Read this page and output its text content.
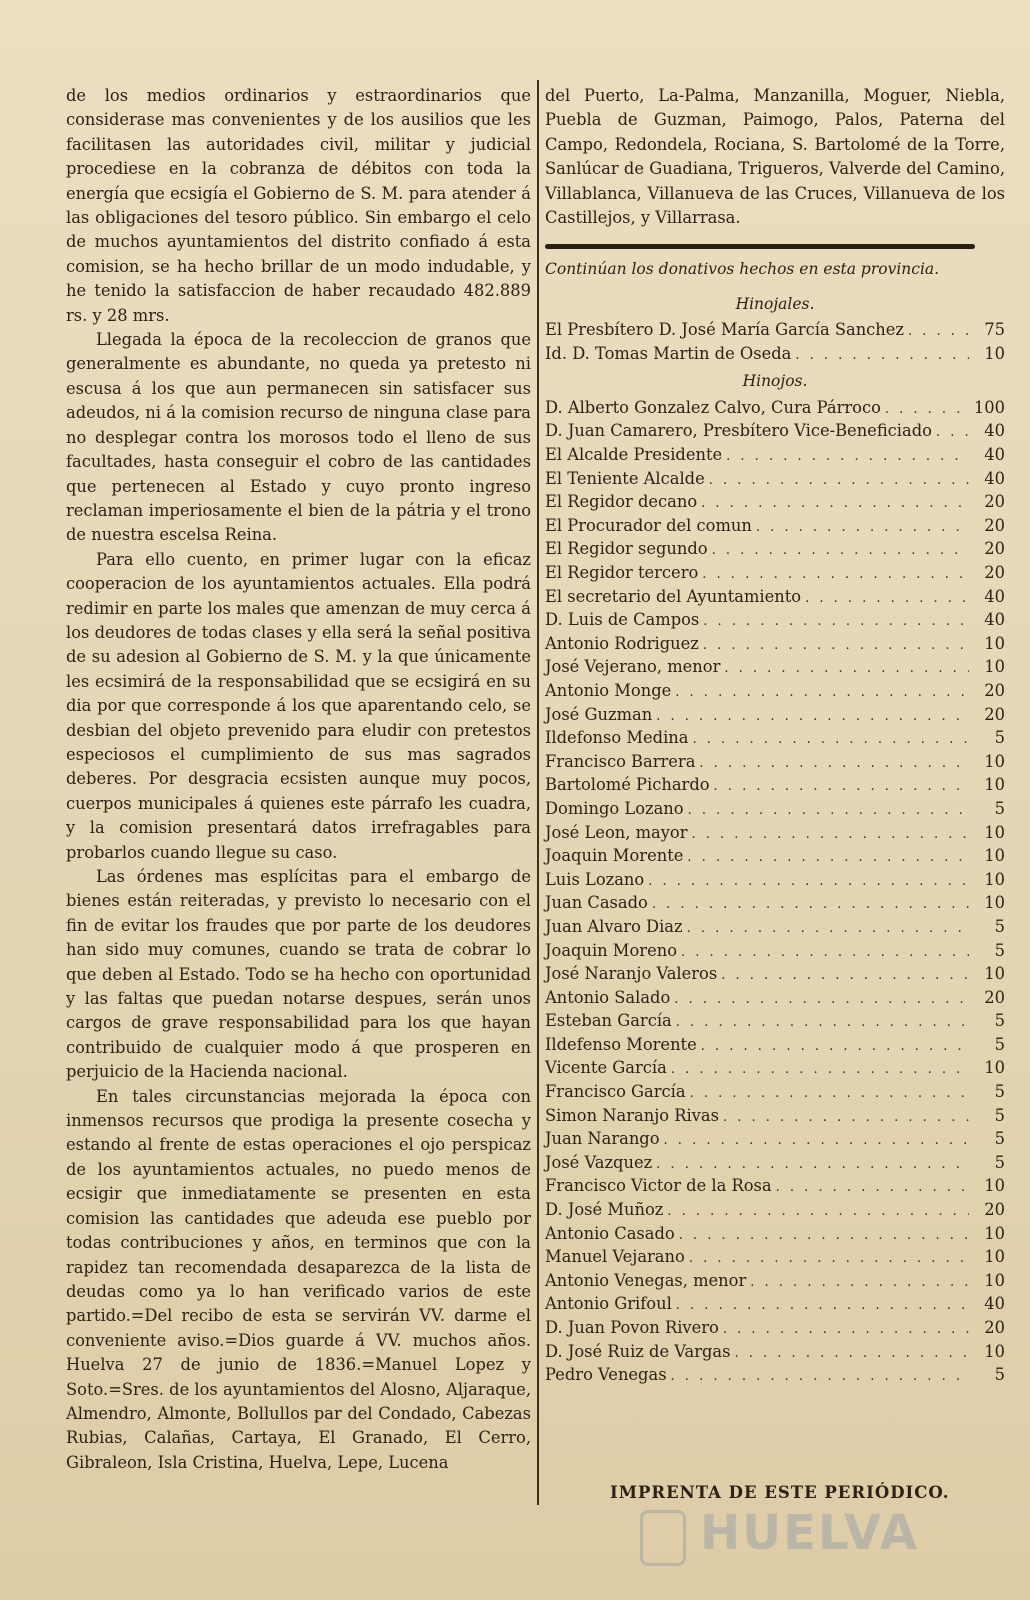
de los medios ordinarios y estraordinarios que considerase mas convenientes y de los ausilios que les facilitasen las autoridades civil, militar y judicial procediese en la cobranza de débitos con toda la energía que ecsigía el Gobierno de S. M. para atender á las obligaciones del tesoro público. Sin embargo el celo de muchos ayuntamientos del distrito confiado á esta comision, se ha hecho brillar de un modo indudable, y he tenido la satisfaccion de haber recaudado 482.889 rs. y 28 mrs.

Llegada la época de la recoleccion de granos que generalmente es abundante, no queda ya pretesto ni escusa á los que aun permanecen sin satisfacer sus adeudos, ni á la comision recurso de ninguna clase para no desplegar contra los morosos todo el lleno de sus facultades, hasta conseguir el cobro de las cantidades que pertenecen al Estado y cuyo pronto ingreso reclaman imperiosamente el bien de la pátria y el trono de nuestra escelsa Reina.

Para ello cuento, en primer lugar con la eficaz cooperacion de los ayuntamientos actuales. Ella podrá redimir en parte los males que amenzan de muy cerca á los deudores de todas clases y ella será la señal positiva de su adesion al Gobierno de S. M. y la que únicamente les ecsimirá de la responsabilidad que se ecsigirá en su dia por que corresponde á los que aparentando celo, se desbian del objeto prevenido para eludir con pretestos especiosos el cumplimiento de sus mas sagrados deberes. Por desgracia ecsisten aunque muy pocos, cuerpos municipales á quienes este párrafo les cuadra, y la comision presentará datos irrefragables para probarlos cuando llegue su caso.

Las órdenes mas esplícitas para el embargo de bienes están reiteradas, y previsto lo necesario con el fin de evitar los fraudes que por parte de los deudores han sido muy comunes, cuando se trata de cobrar lo que deben al Estado. Todo se ha hecho con oportunidad y las faltas que puedan notarse despues, serán unos cargos de grave responsabilidad para los que hayan contribuido de cualquier modo á que prosperen en perjuicio de la Hacienda nacional.

En tales circunstancias mejorada la época con inmensos recursos que prodiga la presente cosecha y estando al frente de estas operaciones el ojo perspicaz de los ayuntamientos actuales, no puedo menos de ecsigir que inmediatamente se presenten en esta comision las cantidades que adeuda ese pueblo por todas contribuciones y años, en terminos que con la rapidez tan recomendada desaparezca de la lista de deudas como ya lo han verificado varios de este partido.=Del recibo de esta se servirán VV. darme el conveniente aviso.=Dios guarde á VV. muchos años. Huelva 27 de junio de 1836.=Manuel Lopez y Soto.=Sres. de los ayuntamientos del Alosno, Aljaraque, Almendro, Almonte, Bollullos par del Condado, Cabezas Rubias, Calañas, Cartaya, El Granado, El Cerro, Gibraleon, Isla Cristina, Huelva, Lepe, Lucena

del Puerto, La-Palma, Manzanilla, Moguer, Niebla, Puebla de Guzman, Paimogo, Palos, Paterna del Campo, Redondela, Rociana, S. Bartolomé de la Torre, Sanlúcar de Guadiana, Trigueros, Valverde del Camino, Villablanca, Villanueva de las Cruces, Villanueva de los Castillejos, y Villarrasa.

Continúan los donativos hechos en esta provincia.
Hinojales.
El Presbítero D. José María García Sanchez . . .	75
Id. D. Tomas Martin de Oseda . . .	10
Hinojos.
D. Alberto Gonzalez Calvo, Cura Párroco . . .	100
D. Juan Camarero, Presbítero Vice-Beneficiado . . .	40
El Alcalde Presidente . . .	40
El Teniente Alcalde . . .	40
El Regidor decano . . .	20
El Procurador del comun . . .	20
El Regidor segundo . . .	20
El Regidor tercero . . .	20
El secretario del Ayuntamiento . . .	40
D. Luis de Campos . . .	40
Antonio Rodriguez . . .	10
José Vejerano, menor . . .	10
Antonio Monge . . .	20
José Guzman . . .	20
Ildefonso Medina . . .	5
Francisco Barrera . . .	10
Bartolomé Pichardo . . .	10
Domingo Lozano . . .	5
José Leon, mayor . . .	10
Joaquin Morente . . .	10
Luis Lozano . . .	10
Juan Casado . . .	10
Juan Alvaro Diaz . . .	5
Joaquin Moreno . . .	5
José Naranjo Valeros . . .	10
Antonio Salado . . .	20
Esteban García . . .	5
Ildefenso Morente . . .	5
Vicente García . . .	10
Francisco García . . .	5
Simon Naranjo Rivas . . .	5
Juan Narango . . .	5
José Vazquez . . .	5
Francisco Victor de la Rosa . . .	10
D. José Muñoz . . .	20
Antonio Casado . . .	10
Manuel Vejarano . . .	10
Antonio Venegas, menor . . .	10
Antonio Grifoul . . .	40
D. Juan Povon Rivero . . .	20
D. José Ruiz de Vargas . . .	10
Pedro Venegas . . .	5
IMPRENTA DE ESTE PERIÓDICO.
HUELVA
